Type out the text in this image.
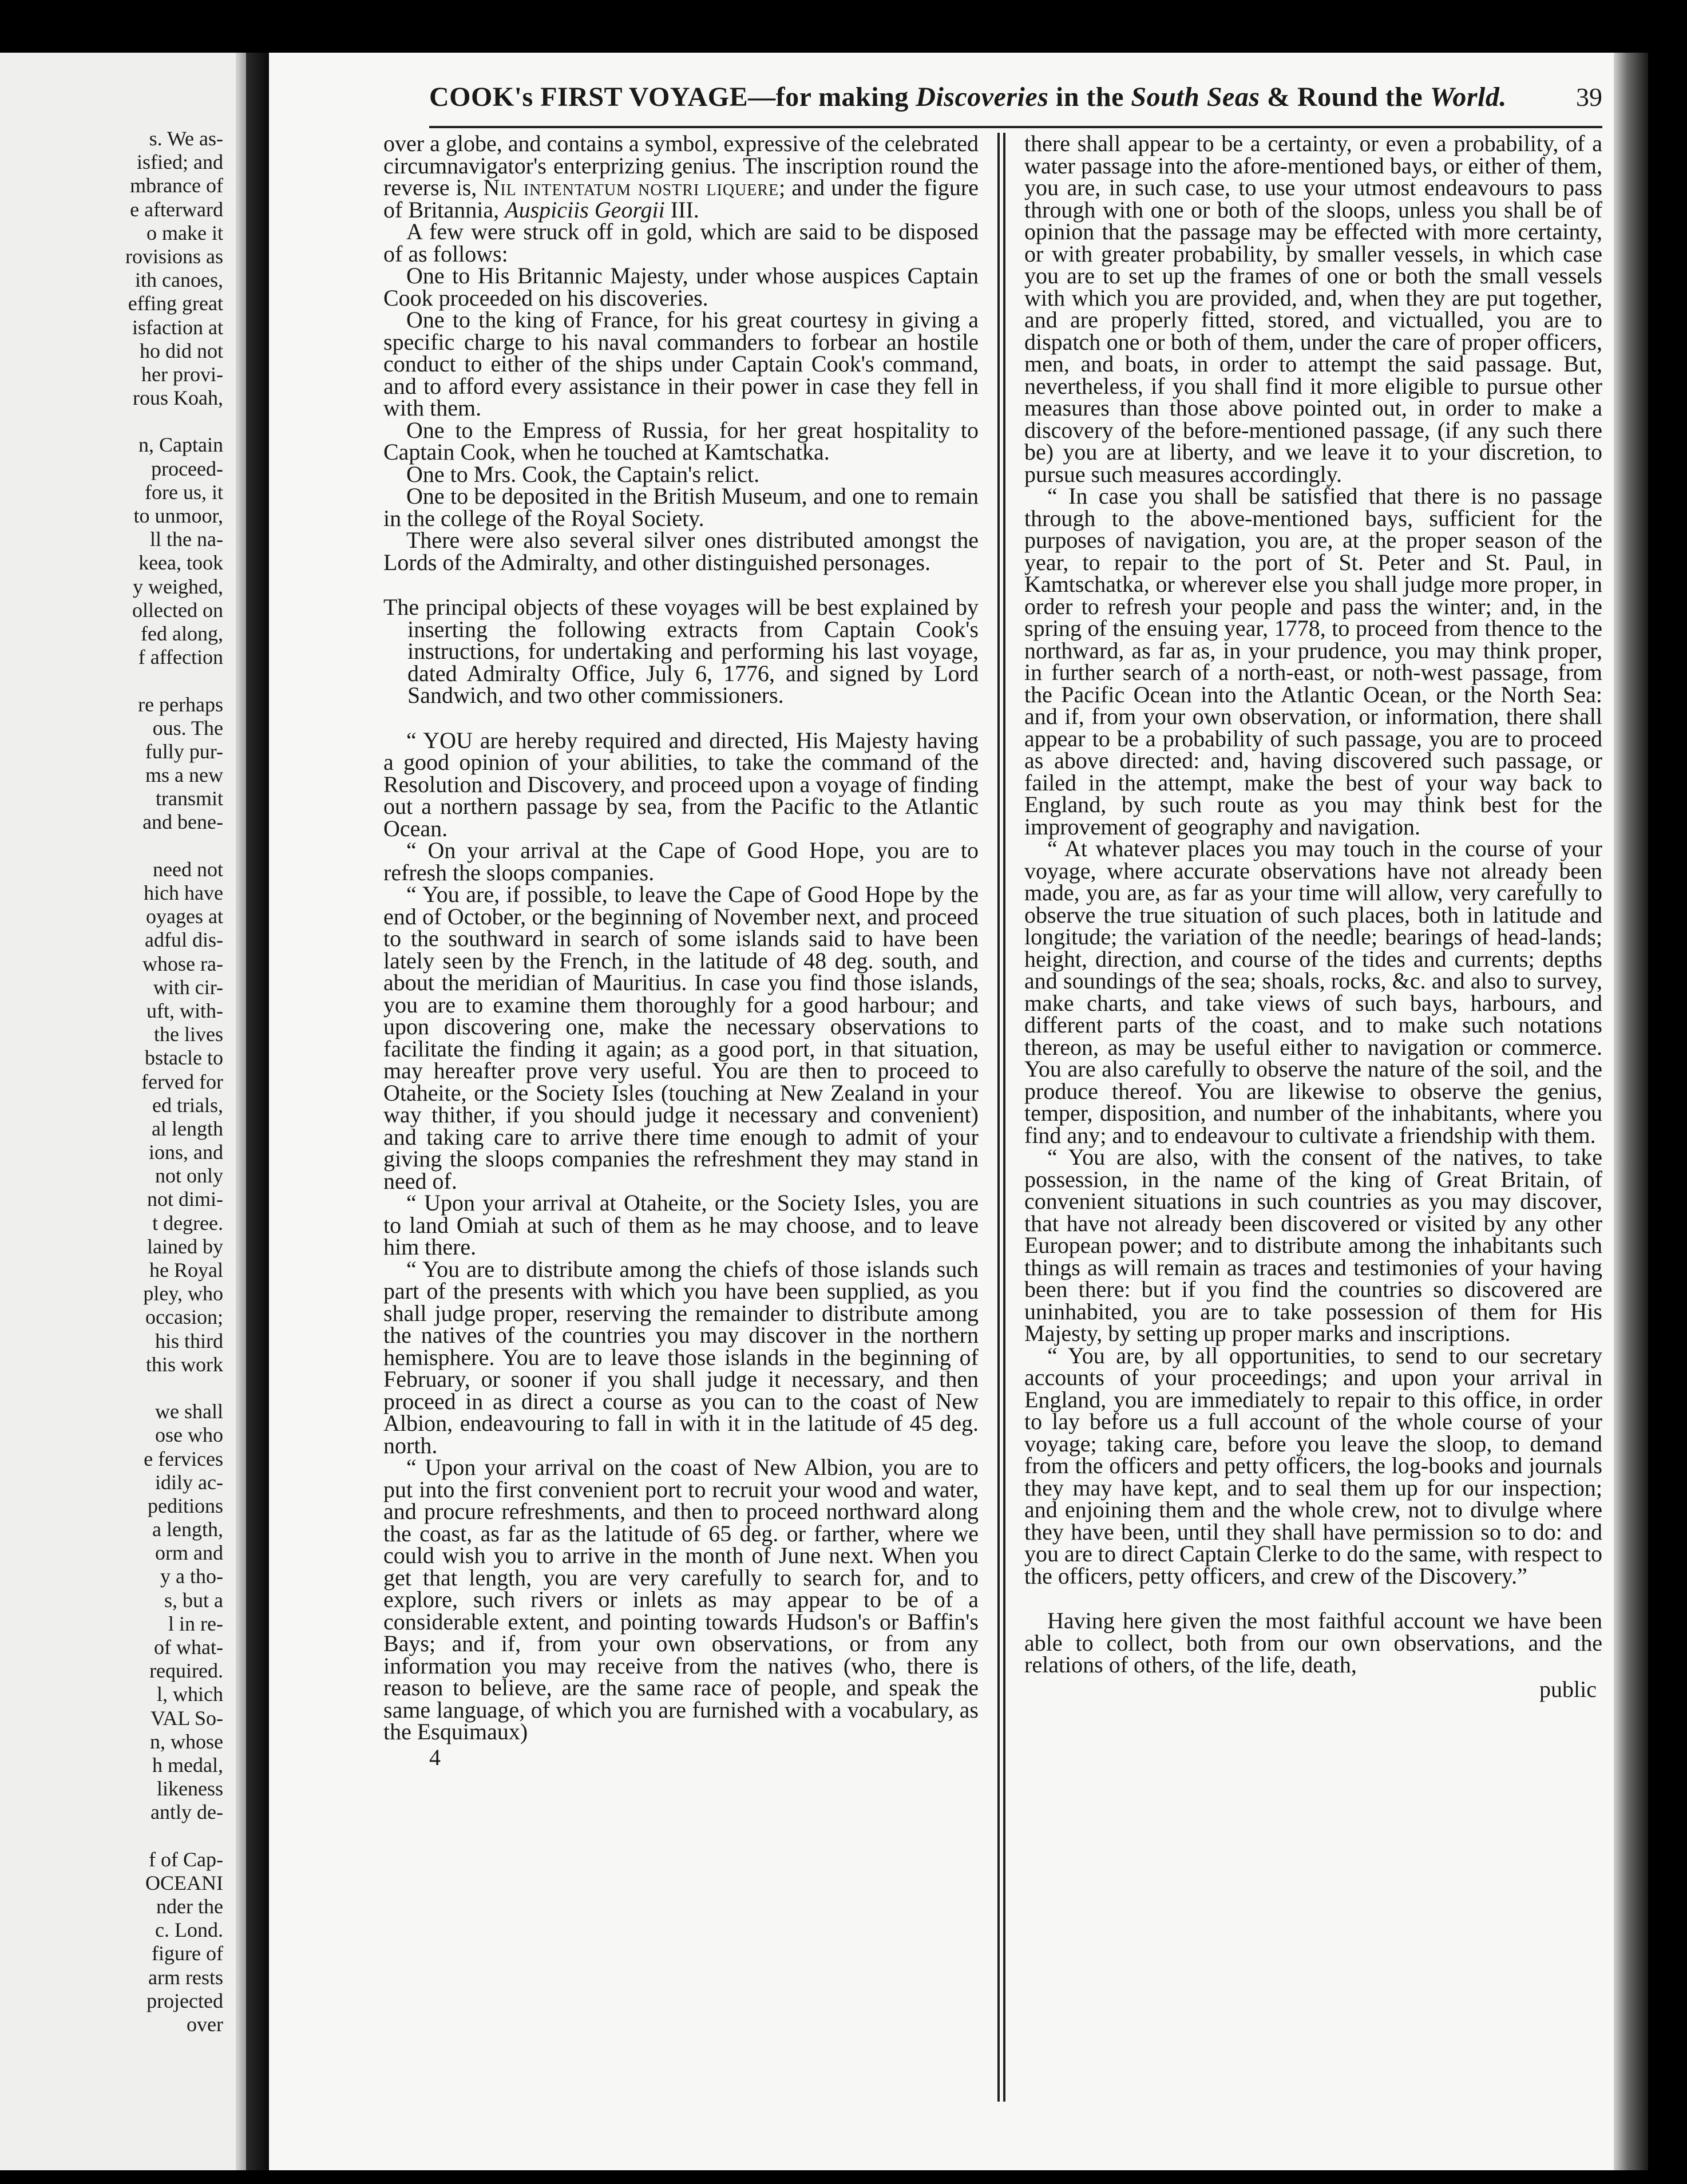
s. We as-
isfied; and
mbrance of
e afterward
o make it
rovisions as
ith canoes,
effing great
isfaction at
ho did not
her provi-
rous Koah,
n, Captain
proceed-
fore us, it
to unmoor,
ll the na-
keea, took
y weighed,
ollected on
fed along,
f affection
re perhaps
ous. The
fully pur-
ms a new
transmit
and bene-
need not
hich have
oyages at
adful dis-
whose ra-
with cir-
uft, with-
the lives
bstacle to
ferved for
ed trials,
al length
ions, and
not only
not dimi-
t degree.
lained by
he Royal
pley, who
occasion;
his third
this work
we shall
ose who
e fervices
idily ac-
peditions
a length,
orm and
y a tho-
s, but a
l in re-
of what-
required.
l, which
VAL So-
n, whose
h medal,
likeness
antly de-
f of Cap-
OCEANI
nder the
c. Lond.
figure of
arm rests
projected
over
COOK's FIRST VOYAGE—for making Discoveries in the South Seas & Round the World.	39

over a globe, and contains a symbol, expressive of the celebrated circumnavigator's enterprizing genius. The inscription round the reverse is, Nil intentatum nostri liquere; and under the figure of Britannia, Auspiciis Georgii III.

A few were struck off in gold, which are said to be disposed of as follows:

One to His Britannic Majesty, under whose auspices Captain Cook proceeded on his discoveries.

One to the king of France, for his great courtesy in giving a specific charge to his naval commanders to forbear an hostile conduct to either of the ships under Captain Cook's command, and to afford every assistance in their power in case they fell in with them.

One to the Empress of Russia, for her great hospitality to Captain Cook, when he touched at Kamtschatka.

One to Mrs. Cook, the Captain's relict.

One to be deposited in the British Museum, and one to remain in the college of the Royal Society.

There were also several silver ones distributed amongst the Lords of the Admiralty, and other distinguished personages.

The principal objects of these voyages will be best explained by inserting the following extracts from Captain Cook's instructions, for undertaking and performing his last voyage, dated Admiralty Office, July 6, 1776, and signed by Lord Sandwich, and two other commissioners.

“ YOU are hereby required and directed, His Majesty having a good opinion of your abilities, to take the command of the Resolution and Discovery, and proceed upon a voyage of finding out a northern passage by sea, from the Pacific to the Atlantic Ocean.

“ On your arrival at the Cape of Good Hope, you are to refresh the sloops companies.

“ You are, if possible, to leave the Cape of Good Hope by the end of October, or the beginning of November next, and proceed to the southward in search of some islands said to have been lately seen by the French, in the latitude of 48 deg. south, and about the meridian of Mauritius. In case you find those islands, you are to examine them thoroughly for a good harbour; and upon discovering one, make the necessary observations to facilitate the finding it again; as a good port, in that situation, may hereafter prove very useful. You are then to proceed to Otaheite, or the Society Isles (touching at New Zealand in your way thither, if you should judge it necessary and convenient) and taking care to arrive there time enough to admit of your giving the sloops companies the refreshment they may stand in need of.

“ Upon your arrival at Otaheite, or the Society Isles, you are to land Omiah at such of them as he may choose, and to leave him there.

“ You are to distribute among the chiefs of those islands such part of the presents with which you have been supplied, as you shall judge proper, reserving the remainder to distribute among the natives of the countries you may discover in the northern hemisphere. You are to leave those islands in the beginning of February, or sooner if you shall judge it necessary, and then proceed in as direct a course as you can to the coast of New Albion, endeavouring to fall in with it in the latitude of 45 deg. north.

“ Upon your arrival on the coast of New Albion, you are to put into the first convenient port to recruit your wood and water, and procure refreshments, and then to proceed northward along the coast, as far as the latitude of 65 deg. or farther, where we could wish you to arrive in the month of June next. When you get that length, you are very carefully to search for, and to explore, such rivers or inlets as may appear to be of a considerable extent, and pointing towards Hudson's or Baffin's Bays; and if, from your own observations, or from any information you may receive from the natives (who, there is reason to believe, are the same race of people, and speak the same language, of which you are furnished with a vocabulary, as the Esquimaux)

4

there shall appear to be a certainty, or even a probability, of a water passage into the afore-mentioned bays, or either of them, you are, in such case, to use your utmost endeavours to pass through with one or both of the sloops, unless you shall be of opinion that the passage may be effected with more certainty, or with greater probability, by smaller vessels, in which case you are to set up the frames of one or both the small vessels with which you are provided, and, when they are put together, and are properly fitted, stored, and victualled, you are to dispatch one or both of them, under the care of proper officers, men, and boats, in order to attempt the said passage. But, nevertheless, if you shall find it more eligible to pursue other measures than those above pointed out, in order to make a discovery of the before-mentioned passage, (if any such there be) you are at liberty, and we leave it to your discretion, to pursue such measures accordingly.

“ In case you shall be satisfied that there is no passage through to the above-mentioned bays, sufficient for the purposes of navigation, you are, at the proper season of the year, to repair to the port of St. Peter and St. Paul, in Kamtschatka, or wherever else you shall judge more proper, in order to refresh your people and pass the winter; and, in the spring of the ensuing year, 1778, to proceed from thence to the northward, as far as, in your prudence, you may think proper, in further search of a north-east, or noth-west passage, from the Pacific Ocean into the Atlantic Ocean, or the North Sea: and if, from your own observation, or information, there shall appear to be a probability of such passage, you are to proceed as above directed: and, having discovered such passage, or failed in the attempt, make the best of your way back to England, by such route as you may think best for the improvement of geography and navigation.

“ At whatever places you may touch in the course of your voyage, where accurate observations have not already been made, you are, as far as your time will allow, very carefully to observe the true situation of such places, both in latitude and longitude; the variation of the needle; bearings of head-lands; height, direction, and course of the tides and currents; depths and soundings of the sea; shoals, rocks, &c. and also to survey, make charts, and take views of such bays, harbours, and different parts of the coast, and to make such notations thereon, as may be useful either to navigation or commerce. You are also carefully to observe the nature of the soil, and the produce thereof. You are likewise to observe the genius, temper, disposition, and number of the inhabitants, where you find any; and to endeavour to cultivate a friendship with them.

“ You are also, with the consent of the natives, to take possession, in the name of the king of Great Britain, of convenient situations in such countries as you may discover, that have not already been discovered or visited by any other European power; and to distribute among the inhabitants such things as will remain as traces and testimonies of your having been there: but if you find the countries so discovered are uninhabited, you are to take possession of them for His Majesty, by setting up proper marks and inscriptions.

“ You are, by all opportunities, to send to our secretary accounts of your proceedings; and upon your arrival in England, you are immediately to repair to this office, in order to lay before us a full account of the whole course of your voyage; taking care, before you leave the sloop, to demand from the officers and petty officers, the log-books and journals they may have kept, and to seal them up for our inspection; and enjoining them and the whole crew, not to divulge where they have been, until they shall have permission so to do: and you are to direct Captain Clerke to do the same, with respect to the officers, petty officers, and crew of the Discovery.”

Having here given the most faithful account we have been able to collect, both from our own observations, and the relations of others, of the life, death,

public
